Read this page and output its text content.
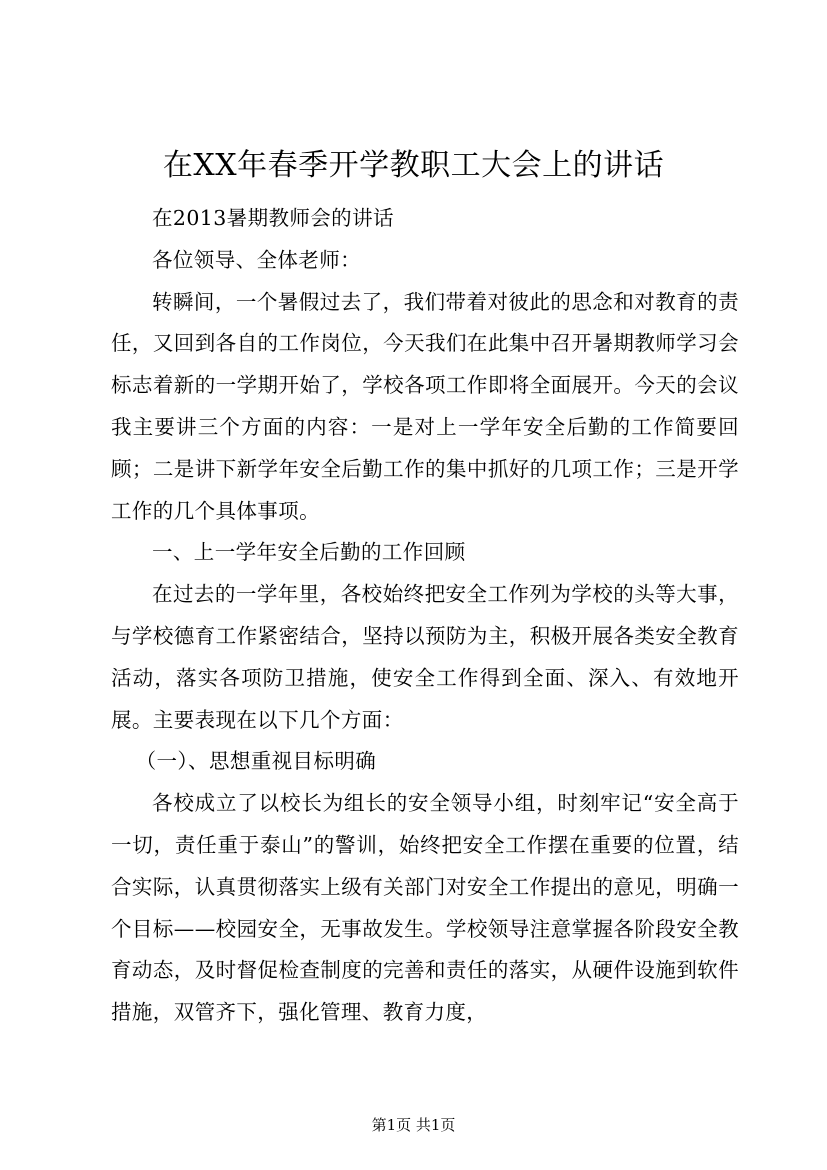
在XX年春季开学教职工大会上的讲话

在2013暑期教师会的讲话

各位领导、全体老师：

转瞬间，一个暑假过去了，我们带着对彼此的思念和对教育的责任，又回到各自的工作岗位，今天我们在此集中召开暑期教师学习会标志着新的一学期开始了，学校各项工作即将全面展开。今天的会议我主要讲三个方面的内容：一是对上一学年安全后勤的工作简要回顾；二是讲下新学年安全后勤工作的集中抓好的几项工作；三是开学工作的几个具体事项。

一、上一学年安全后勤的工作回顾

在过去的一学年里，各校始终把安全工作列为学校的头等大事，与学校德育工作紧密结合，坚持以预防为主，积极开展各类安全教育活动，落实各项防卫措施，使安全工作得到全面、深入、有效地开展。主要表现在以下几个方面：

（一）、思想重视目标明确

各校成立了以校长为组长的安全领导小组，时刻牢记“安全高于一切，责任重于泰山”的警训，始终把安全工作摆在重要的位置，结合实际，认真贯彻落实上级有关部门对安全工作提出的意见，明确一个目标——校园安全，无事故发生。学校领导注意掌握各阶段安全教育动态，及时督促检查制度的完善和责任的落实，从硬件设施到软件措施，双管齐下，强化管理、教育力度，

第1页 共1页
